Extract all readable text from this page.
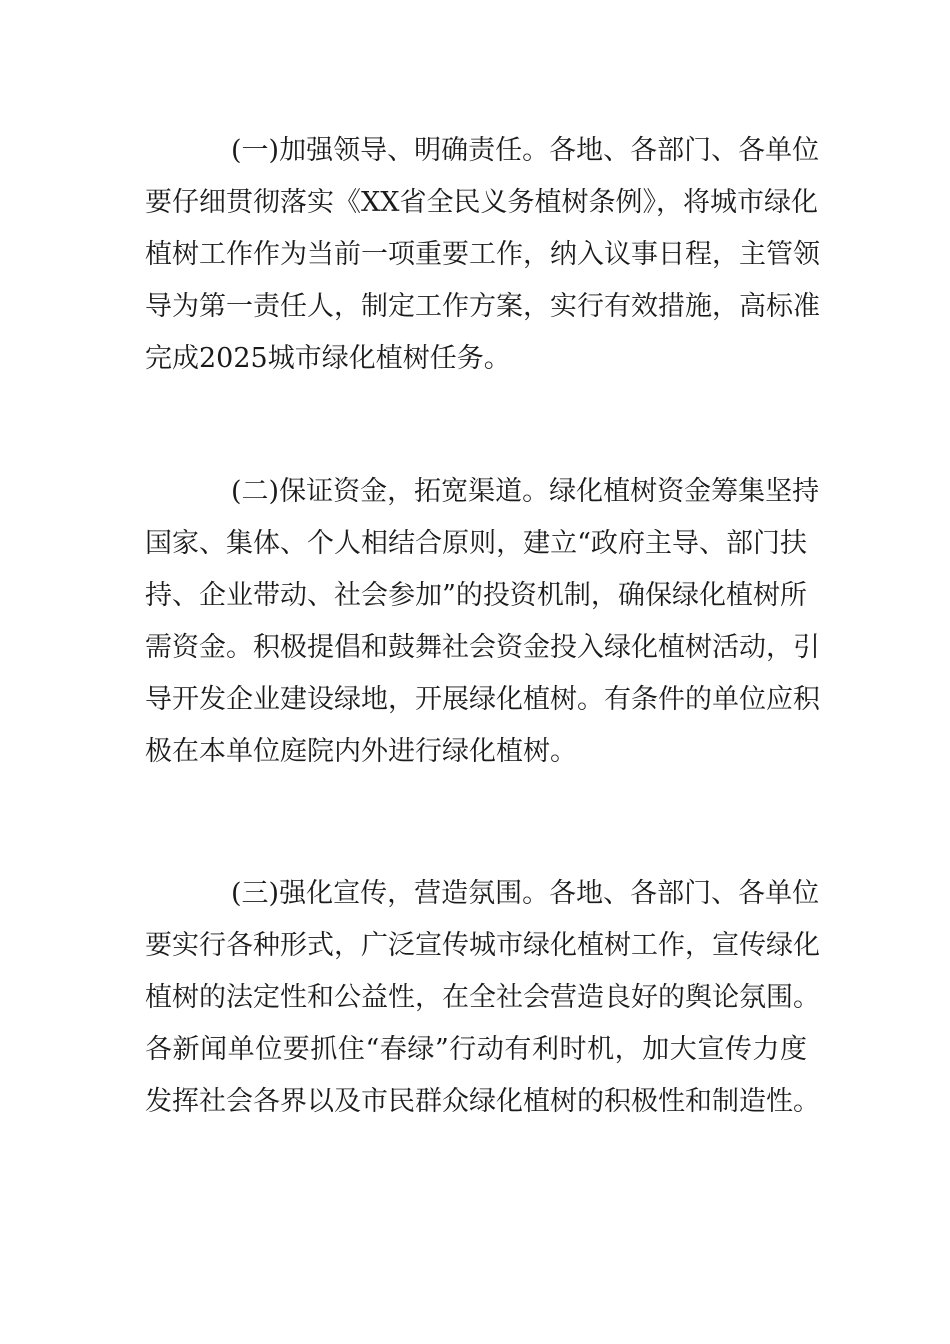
(一)加强领导、明确责任。各地、各部门、各单位
要仔细贯彻落实《XX省全民义务植树条例》，将城市绿化
植树工作作为当前一项重要工作，纳入议事日程，主管领
导为第一责任人，制定工作方案，实行有效措施，高标准
完成2025城市绿化植树任务。
(二)保证资金，拓宽渠道。绿化植树资金筹集坚持
国家、集体、个人相结合原则，建立“政府主导、部门扶
持、企业带动、社会参加”的投资机制，确保绿化植树所
需资金。积极提倡和鼓舞社会资金投入绿化植树活动，引
导开发企业建设绿地，开展绿化植树。有条件的单位应积
极在本单位庭院内外进行绿化植树。
(三)强化宣传，营造氛围。各地、各部门、各单位
要实行各种形式，广泛宣传城市绿化植树工作，宣传绿化
植树的法定性和公益性，在全社会营造良好的舆论氛围。
各新闻单位要抓住“春绿”行动有利时机，加大宣传力度
发挥社会各界以及市民群众绿化植树的积极性和制造性。
